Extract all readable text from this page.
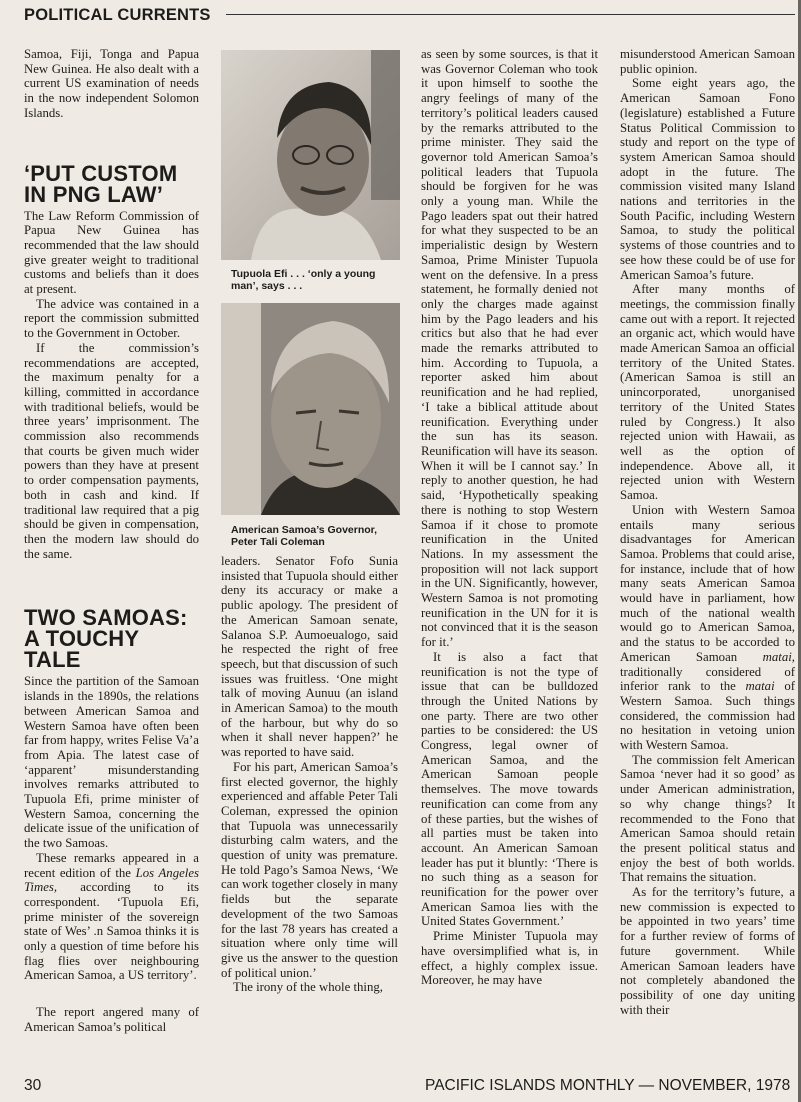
POLITICAL CURRENTS

Samoa, Fiji, Tonga and Papua New Guinea. He also dealt with a current US examination of needs in the now independent Solomon Islands.

‘PUT CUSTOM IN PNG LAW’

The Law Reform Commission of Papua New Guinea has recommended that the law should give greater weight to traditional customs and beliefs than it does at present.

The advice was contained in a report the commission submitted to the Government in October.

If the commission’s recommendations are accepted, the maximum penalty for a killing, committed in accordance with traditional beliefs, would be three years’ imprisonment. The commission also recommends that courts be given much wider powers than they have at present to order compensation payments, both in cash and kind. If traditional law required that a pig should be given in compensation, then the modern law should do the same.

TWO SAMOAS: A TOUCHY TALE

Since the partition of the Samoan islands in the 1890s, the relations between American Samoa and Western Samoa have often been far from happy, writes Felise Va’a from Apia. The latest case of ‘apparent’ misunderstanding involves remarks attributed to Tupuola Efi, prime minister of Western Samoa, concerning the delicate issue of the unification of the two Samoas.

These remarks appeared in a recent edition of the Los Angeles Times, according to its correspondent. ‘Tupuola Efi, prime minister of the sovereign state of Wes’ .n Samoa thinks it is only a question of time before his flag flies over neighbouring American Samoa, a US territory’.

The report angered many of American Samoa’s political

Tupuola Efi . . . ‘only a young man’, says . . .
American Samoa’s Governor, Peter Tali Coleman

leaders. Senator Fofo Sunia insisted that Tupuola should either deny its accuracy or make a public apology. The president of the American Samoan senate, Salanoa S.P. Aumoeualogo, said he respected the right of free speech, but that discussion of such issues was fruitless. ‘One might talk of moving Aunuu (an island in American Samoa) to the mouth of the harbour, but why do so when it shall never happen?’ he was reported to have said.

For his part, American Samoa’s first elected governor, the highly experienced and affable Peter Tali Coleman, expressed the opinion that Tupuola was unnecessarily disturbing calm waters, and the question of unity was premature. He told Pago’s Samoa News, ‘We can work together closely in many fields but the separate development of the two Samoas for the last 78 years has created a situation where only time will give us the answer to the question of political union.’

The irony of the whole thing,

as seen by some sources, is that it was Governor Coleman who took it upon himself to soothe the angry feelings of many of the territory’s political leaders caused by the remarks attributed to the prime minister. They said the governor told American Samoa’s political leaders that Tupuola should be forgiven for he was only a young man. While the Pago leaders spat out their hatred for what they suspected to be an imperialistic design by Western Samoa, Prime Minister Tupuola went on the defensive. In a press statement, he formally denied not only the charges made against him by the Pago leaders and his critics but also that he had ever made the remarks attributed to him. According to Tupuola, a reporter asked him about reunification and he had replied, ‘I take a biblical attitude about reunification. Everything under the sun has its season. Reunification will have its season. When it will be I cannot say.’ In reply to another question, he had said, ‘Hypothetically speaking there is nothing to stop Western Samoa if it chose to promote reunification in the United Nations. In my assessment the proposition will not lack support in the UN. Significantly, however, Western Samoa is not promoting reunification in the UN for it is not convinced that it is the season for it.’

It is also a fact that reunification is not the type of issue that can be bulldozed through the United Nations by one party. There are two other parties to be considered: the US Congress, legal owner of American Samoa, and the American Samoan people themselves. The move towards reunification can come from any of these parties, but the wishes of all parties must be taken into account. An American Samoan leader has put it bluntly: ‘There is no such thing as a season for reunification for the power over American Samoa lies with the United States Government.’

Prime Minister Tupuola may have oversimplified what is, in effect, a highly complex issue. Moreover, he may have

misunderstood American Samoan public opinion.

Some eight years ago, the American Samoan Fono (legislature) established a Future Status Political Commission to study and report on the type of system American Samoa should adopt in the future. The commission visited many Island nations and territories in the South Pacific, including Western Samoa, to study the political systems of those countries and to see how these could be of use for American Samoa’s future.

After many months of meetings, the commission finally came out with a report. It rejected an organic act, which would have made American Samoa an official territory of the United States. (American Samoa is still an unincorporated, unorganised territory of the United States ruled by Congress.) It also rejected union with Hawaii, as well as the option of independence. Above all, it rejected union with Western Samoa.

Union with Western Samoa entails many serious disadvantages for American Samoa. Problems that could arise, for instance, include that of how many seats American Samoa would have in parliament, how much of the national wealth would go to American Samoa, and the status to be accorded to American Samoan matai, traditionally considered of inferior rank to the matai of Western Samoa. Such things considered, the commission had no hesitation in vetoing union with Western Samoa.

The commission felt American Samoa ‘never had it so good’ as under American administration, so why change things? It recommended to the Fono that American Samoa should retain the present political status and enjoy the best of both worlds. That remains the situation.

As for the territory’s future, a new commission is expected to be appointed in two years’ time for a further review of forms of future government. While American Samoan leaders have not completely abandoned the possibility of one day uniting with their

30	PACIFIC ISLANDS MONTHLY — NOVEMBER, 1978
